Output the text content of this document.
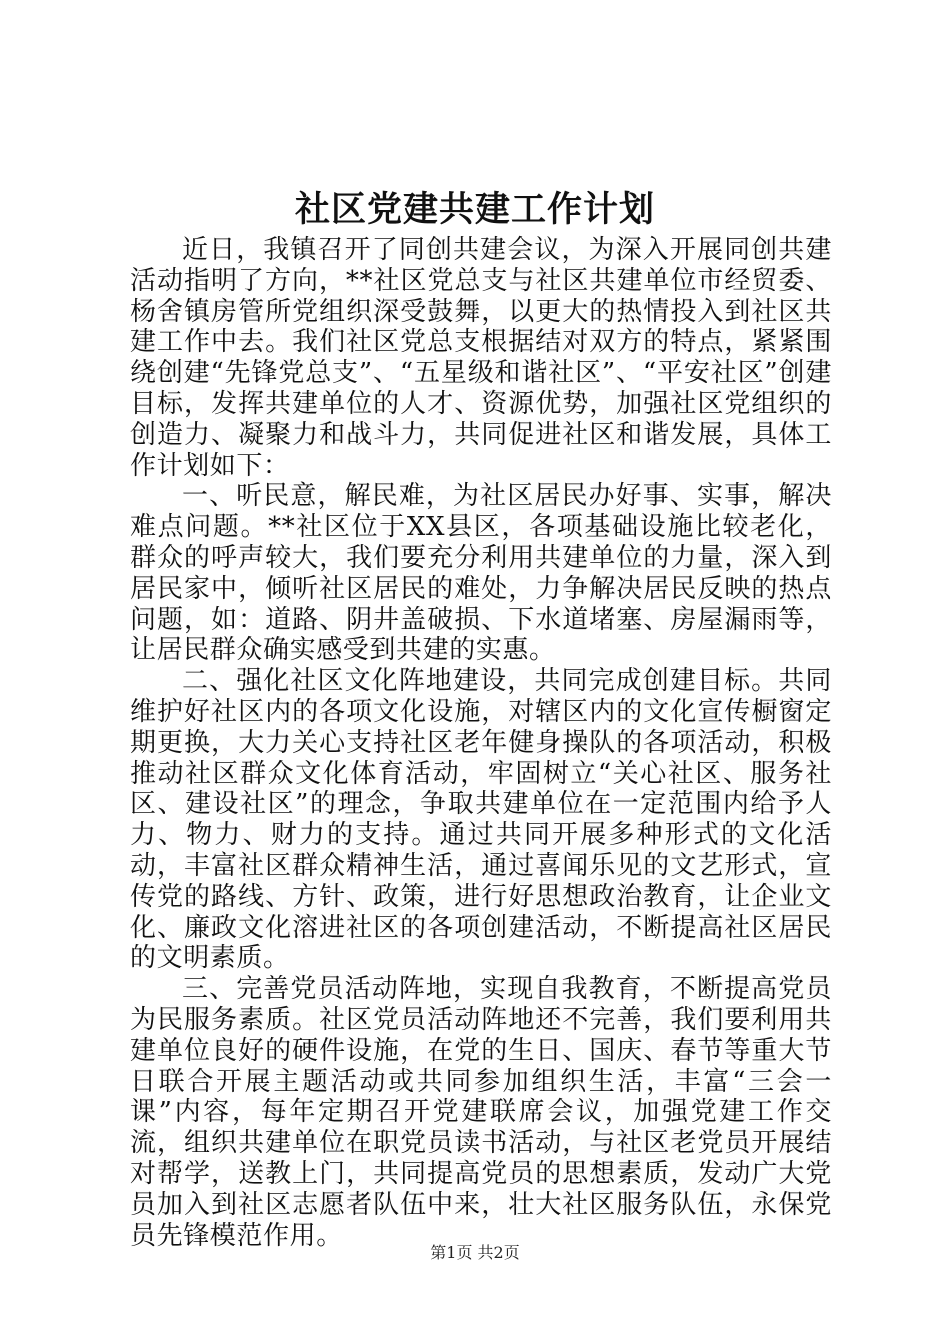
社区党建共建工作计划

近日，我镇召开了同创共建会议，为深入开展同创共建活动指明了方向，**社区党总支与社区共建单位市经贸委、杨舍镇房管所党组织深受鼓舞，以更大的热情投入到社区共建工作中去。我们社区党总支根据结对双方的特点，紧紧围绕创建“先锋党总支”、“五星级和谐社区”、“平安社区”创建目标，发挥共建单位的人才、资源优势，加强社区党组织的创造力、凝聚力和战斗力，共同促进社区和谐发展，具体工作计划如下：

一、听民意，解民难，为社区居民办好事、实事，解决难点问题。**社区位于XX县区，各项基础设施比较老化，群众的呼声较大，我们要充分利用共建单位的力量，深入到居民家中，倾听社区居民的难处，力争解决居民反映的热点问题，如：道路、阴井盖破损、下水道堵塞、房屋漏雨等，让居民群众确实感受到共建的实惠。

二、强化社区文化阵地建设，共同完成创建目标。共同维护好社区内的各项文化设施，对辖区内的文化宣传橱窗定期更换，大力关心支持社区老年健身操队的各项活动，积极推动社区群众文化体育活动，牢固树立“关心社区、服务社区、建设社区”的理念，争取共建单位在一定范围内给予人力、物力、财力的支持。通过共同开展多种形式的文化活动，丰富社区群众精神生活，通过喜闻乐见的文艺形式，宣传党的路线、方针、政策，进行好思想政治教育，让企业文化、廉政文化溶进社区的各项创建活动，不断提高社区居民的文明素质。

三、完善党员活动阵地，实现自我教育，不断提高党员为民服务素质。社区党员活动阵地还不完善，我们要利用共建单位良好的硬件设施，在党的生日、国庆、春节等重大节日联合开展主题活动或共同参加组织生活，丰富“三会一课”内容，每年定期召开党建联席会议，加强党建工作交流，组织共建单位在职党员读书活动，与社区老党员开展结对帮学，送教上门，共同提高党员的思想素质，发动广大党员加入到社区志愿者队伍中来，壮大社区服务队伍，永保党员先锋模范作用。

第1页 共2页
